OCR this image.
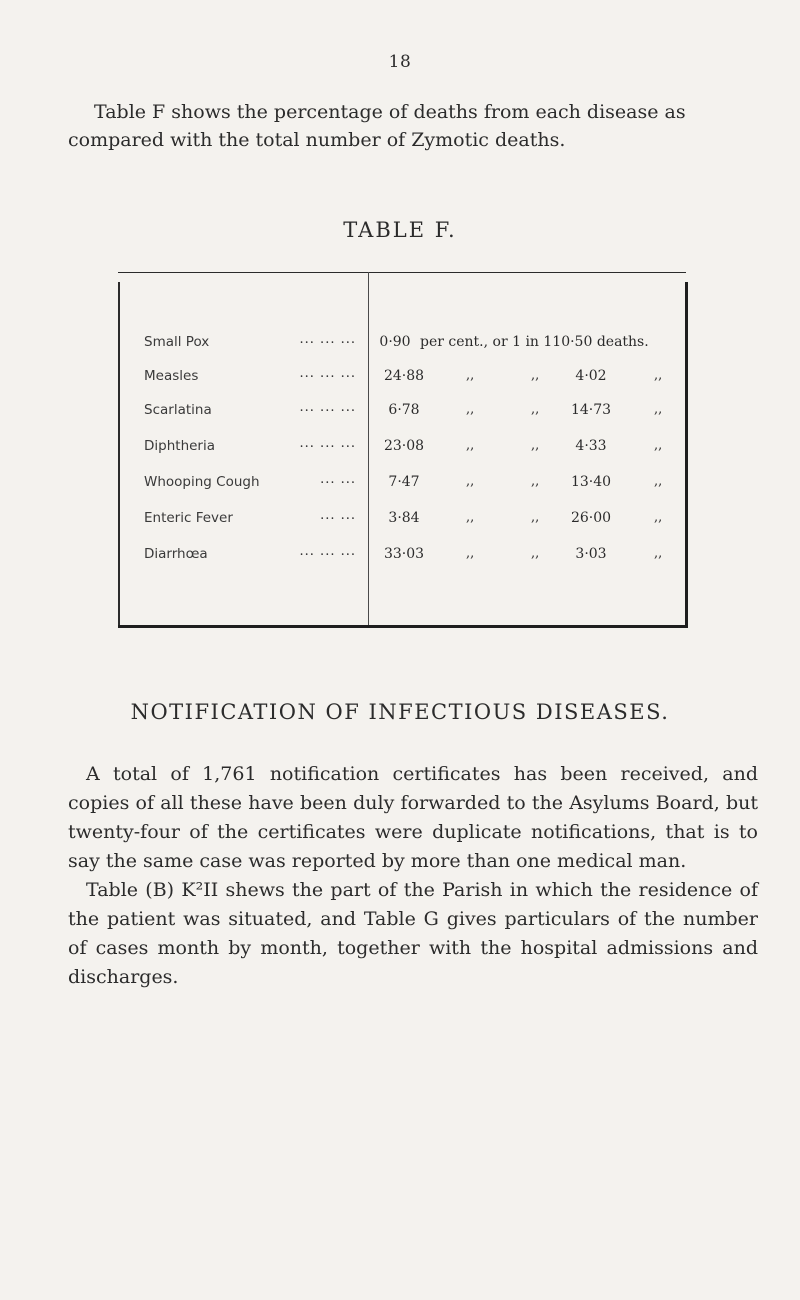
18
Table F shows the percentage of deaths from each disease as compared with the total number of Zymotic deaths.
TABLE F.
Small Pox	... ... ...	0·90 per cent., or 1 in 110·50 deaths.
Measles	... ... ...	24·88	,,	,,	4·02	,,
Scarlatina	... ... ...	6·78	,,	,,	14·73	,,
Diphtheria	... ... ...	23·08	,,	,,	4·33	,,
Whooping Cough	... ...	7·47	,,	,,	13·40	,,
Enteric Fever	... ...	3·84	,,	,,	26·00	,,
Diarrhœa	... ... ...	33·03	,,	,,	3·03	,,
NOTIFICATION OF INFECTIOUS DISEASES.
A total of 1,761 notification certificates has been received, and copies of all these have been duly forwarded to the Asylums Board, but twenty-four of the certificates were duplicate notifications, that is to say the same case was reported by more than one medical man.
Table (B) K²II shews the part of the Parish in which the residence of the patient was situated, and Table G gives particulars of the number of cases month by month, together with the hospital admissions and discharges.
